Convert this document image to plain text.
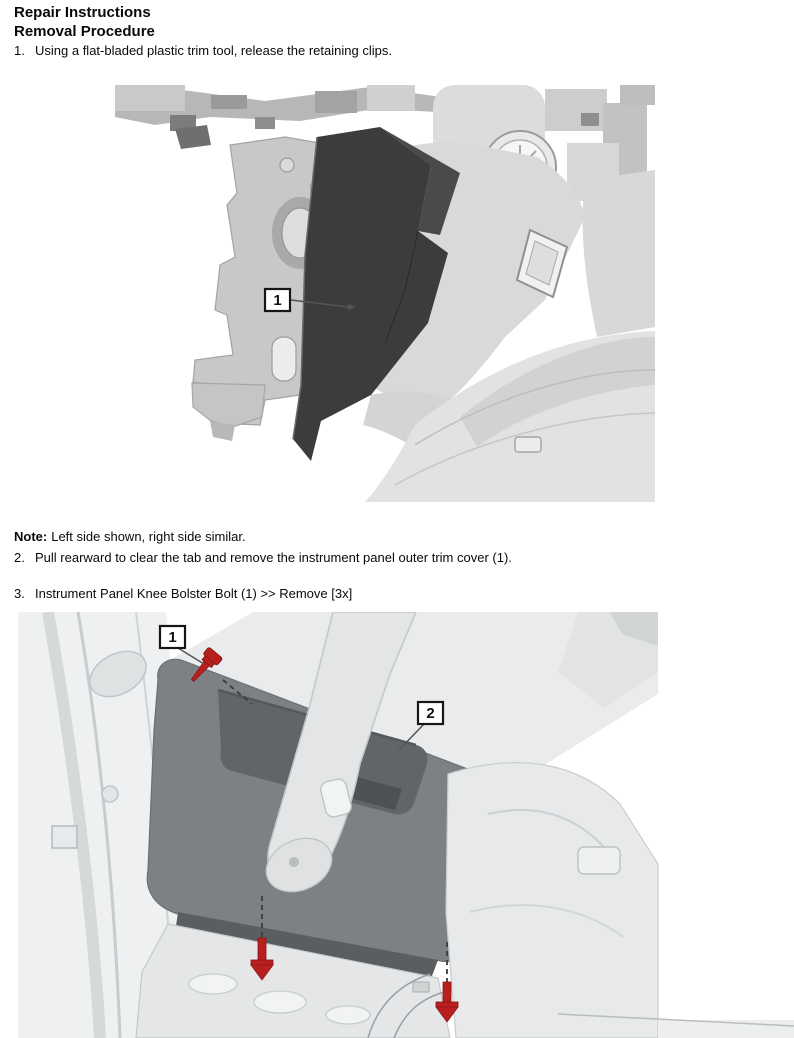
Repair Instructions
Removal Procedure
1. Using a flat-bladed plastic trim tool, release the retaining clips.
1
Note: Left side shown, right side similar.
2. Pull rearward to clear the tab and remove the instrument panel outer trim cover (1).
3. Instrument Panel Knee Bolster Bolt (1) >> Remove [3x]
1
2
